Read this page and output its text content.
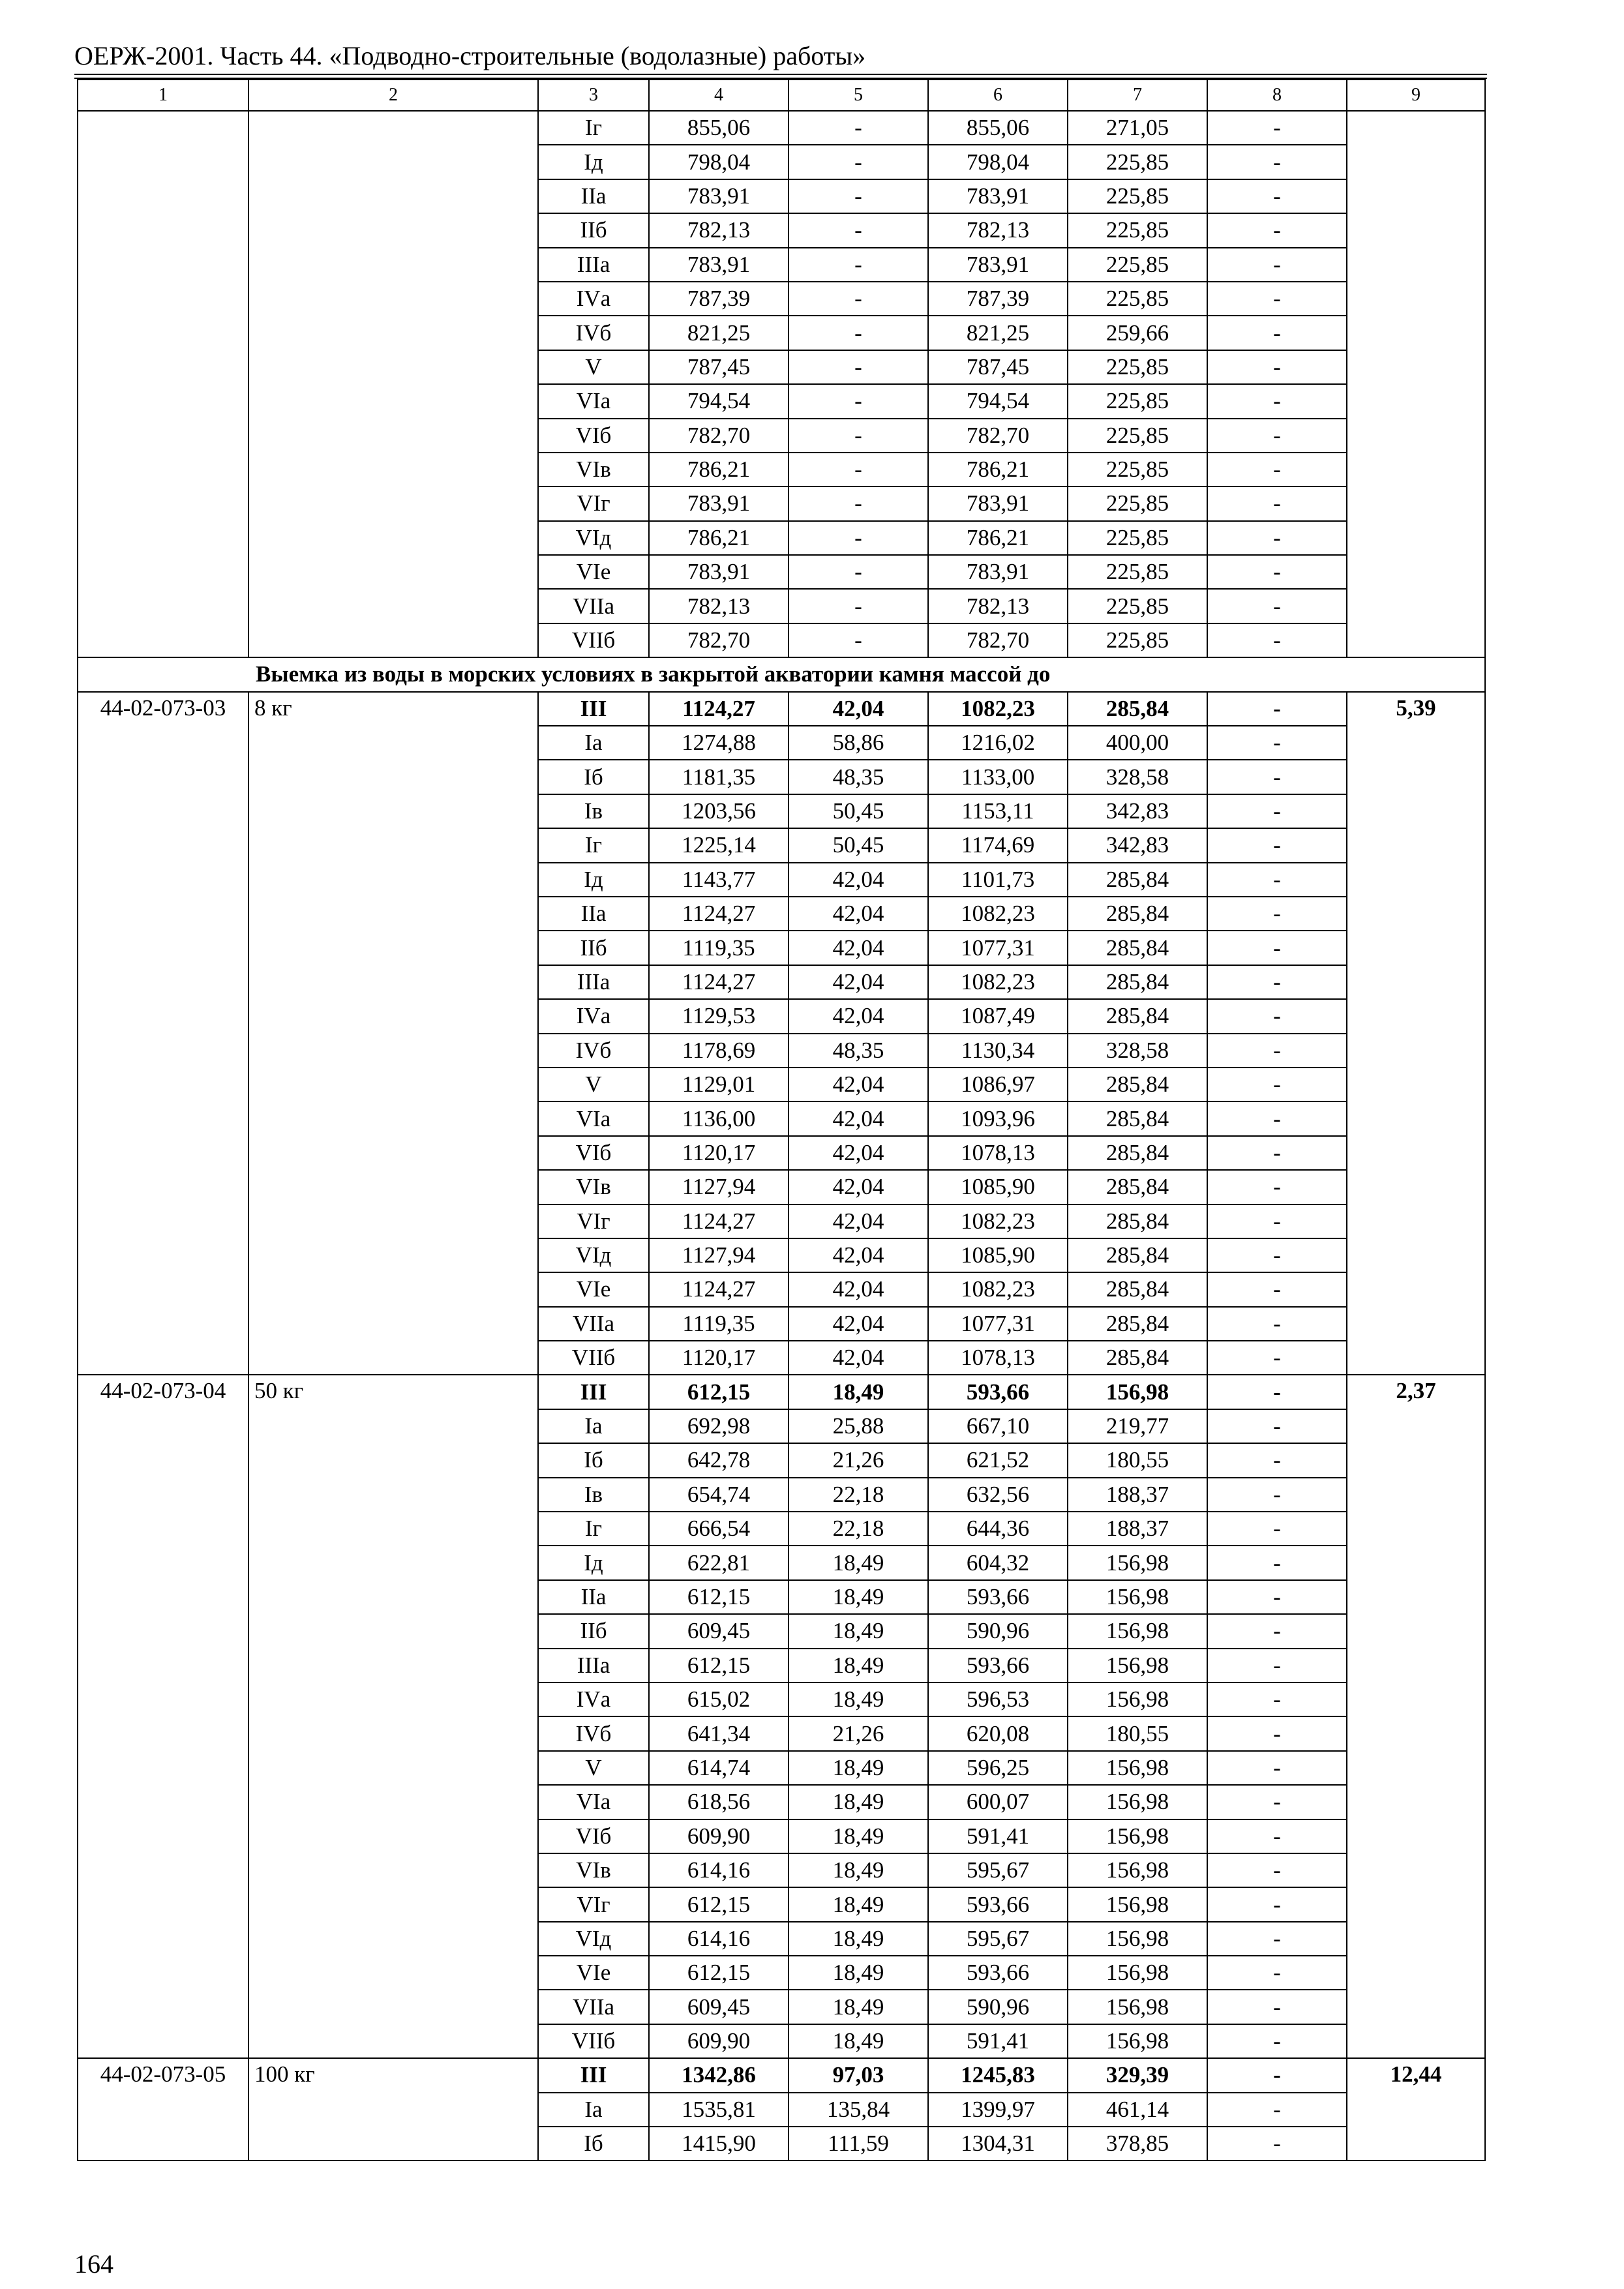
ОЕРЖ-2001. Часть 44. «Подводно-строительные (водолазные) работы»
1	2	3	4	5	6	7	8	9
		Iг	855,06	-	855,06	271,05	-	
		Iд	798,04	-	798,04	225,85	-	
		IIа	783,91	-	783,91	225,85	-	
		IIб	782,13	-	782,13	225,85	-	
		IIIа	783,91	-	783,91	225,85	-	
		IVа	787,39	-	787,39	225,85	-	
		IVб	821,25	-	821,25	259,66	-	
		V	787,45	-	787,45	225,85	-	
		VIа	794,54	-	794,54	225,85	-	
		VIб	782,70	-	782,70	225,85	-	
		VIв	786,21	-	786,21	225,85	-	
		VIг	783,91	-	783,91	225,85	-	
		VIд	786,21	-	786,21	225,85	-	
		VIе	783,91	-	783,91	225,85	-	
		VIIа	782,13	-	782,13	225,85	-	
		VIIб	782,70	-	782,70	225,85	-	
Выемка из воды в морских условиях в закрытой акватории камня массой до								
44-02-073-03	8 кг	III	1124,27	42,04	1082,23	285,84	-	5,39
		Iа	1274,88	58,86	1216,02	400,00	-	
		Iб	1181,35	48,35	1133,00	328,58	-	
		Iв	1203,56	50,45	1153,11	342,83	-	
		Iг	1225,14	50,45	1174,69	342,83	-	
		Iд	1143,77	42,04	1101,73	285,84	-	
		IIа	1124,27	42,04	1082,23	285,84	-	
		IIб	1119,35	42,04	1077,31	285,84	-	
		IIIа	1124,27	42,04	1082,23	285,84	-	
		IVа	1129,53	42,04	1087,49	285,84	-	
		IVб	1178,69	48,35	1130,34	328,58	-	
		V	1129,01	42,04	1086,97	285,84	-	
		VIа	1136,00	42,04	1093,96	285,84	-	
		VIб	1120,17	42,04	1078,13	285,84	-	
		VIв	1127,94	42,04	1085,90	285,84	-	
		VIг	1124,27	42,04	1082,23	285,84	-	
		VIд	1127,94	42,04	1085,90	285,84	-	
		VIе	1124,27	42,04	1082,23	285,84	-	
		VIIа	1119,35	42,04	1077,31	285,84	-	
		VIIб	1120,17	42,04	1078,13	285,84	-	
44-02-073-04	50 кг	III	612,15	18,49	593,66	156,98	-	2,37
		Iа	692,98	25,88	667,10	219,77	-	
		Iб	642,78	21,26	621,52	180,55	-	
		Iв	654,74	22,18	632,56	188,37	-	
		Iг	666,54	22,18	644,36	188,37	-	
		Iд	622,81	18,49	604,32	156,98	-	
		IIа	612,15	18,49	593,66	156,98	-	
		IIб	609,45	18,49	590,96	156,98	-	
		IIIа	612,15	18,49	593,66	156,98	-	
		IVа	615,02	18,49	596,53	156,98	-	
		IVб	641,34	21,26	620,08	180,55	-	
		V	614,74	18,49	596,25	156,98	-	
		VIа	618,56	18,49	600,07	156,98	-	
		VIб	609,90	18,49	591,41	156,98	-	
		VIв	614,16	18,49	595,67	156,98	-	
		VIг	612,15	18,49	593,66	156,98	-	
		VIд	614,16	18,49	595,67	156,98	-	
		VIе	612,15	18,49	593,66	156,98	-	
		VIIа	609,45	18,49	590,96	156,98	-	
		VIIб	609,90	18,49	591,41	156,98	-	
44-02-073-05	100 кг	III	1342,86	97,03	1245,83	329,39	-	12,44
		Iа	1535,81	135,84	1399,97	461,14	-	
		Iб	1415,90	111,59	1304,31	378,85	-	
164
